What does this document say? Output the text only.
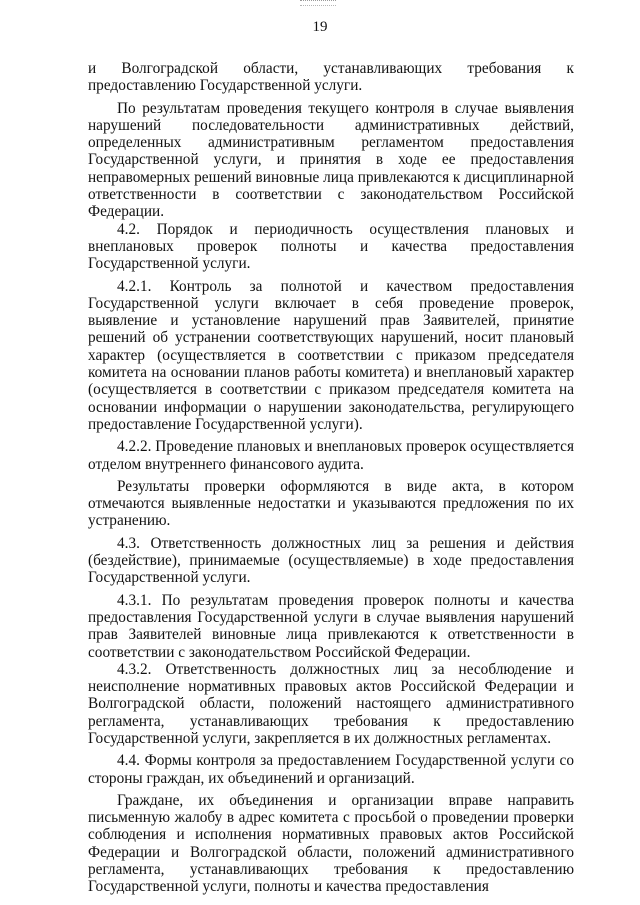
19

и Волгоградской области, устанавливающих требования к предоставлению Государственной услуги.

По результатам проведения текущего контроля в случае выявления нарушений последовательности административных действий, определенных административным регламентом предоставления Государственной услуги, и принятия в ходе ее предоставления неправомерных решений виновные лица привлекаются к дисциплинарной ответственности в соответствии с законодательством Российской Федерации.

4.2. Порядок и периодичность осуществления плановых и внеплановых проверок полноты и качества предоставления Государственной услуги.

4.2.1. Контроль за полнотой и качеством предоставления Государственной услуги включает в себя проведение проверок, выявление и установление нарушений прав Заявителей, принятие решений об устранении соответствующих нарушений, носит плановый характер (осуществляется в соответствии с приказом председателя комитета на основании планов работы комитета) и внеплановый характер (осуществляется в соответствии с приказом председателя комитета на основании информации о нарушении законодательства, регулирующего предоставление Государственной услуги).

4.2.2. Проведение плановых и внеплановых проверок осуществляется отделом внутреннего финансового аудита.

Результаты проверки оформляются в виде акта, в котором отмечаются выявленные недостатки и указываются предложения по их устранению.

4.3. Ответственность должностных лиц за решения и действия (бездействие), принимаемые (осуществляемые) в ходе предоставления Государственной услуги.

4.3.1. По результатам проведения проверок полноты и качества предоставления Государственной услуги в случае выявления нарушений прав Заявителей виновные лица привлекаются к ответственности в соответствии с законодательством Российской Федерации.

4.3.2. Ответственность должностных лиц за несоблюдение и неисполнение нормативных правовых актов Российской Федерации и Волгоградской области, положений настоящего административного регламента, устанавливающих требования к предоставлению Государственной услуги, закрепляется в их должностных регламентах.

4.4. Формы контроля за предоставлением Государственной услуги со стороны граждан, их объединений и организаций.

Граждане, их объединения и организации вправе направить письменную жалобу в адрес комитета с просьбой о проведении проверки соблюдения и исполнения нормативных правовых актов Российской Федерации и Волгоградской области, положений административного регламента, устанавливающих требования к предоставлению Государственной услуги, полноты и качества предоставления
